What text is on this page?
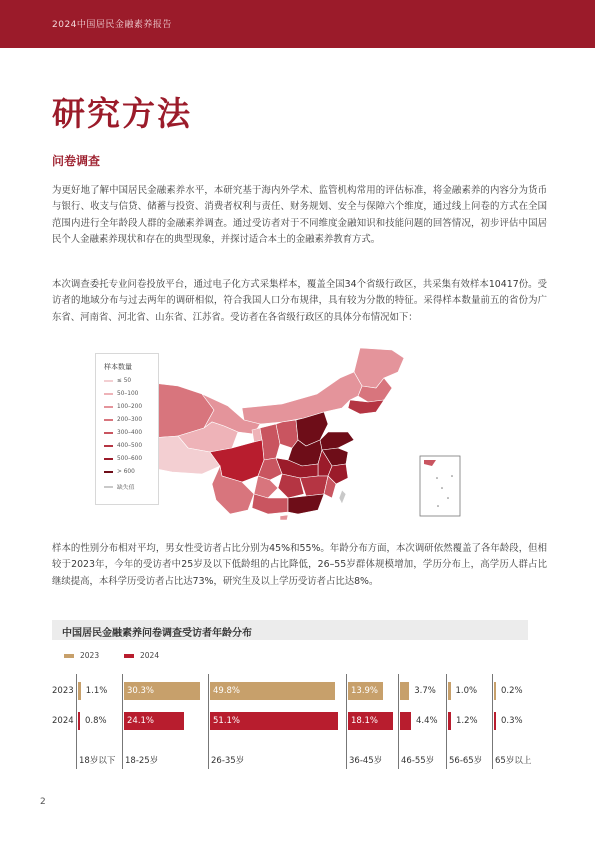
2024中国居民金融素养报告
研究方法
问卷调查

为更好地了解中国居民金融素养水平，本研究基于海内外学术、监管机构常用的评估标准，将金融素养的内容分为货币与银行、收支与信贷、储蓄与投资、消费者权利与责任、财务规划、安全与保障六个维度，通过线上问卷的方式在全国范围内进行全年龄段人群的金融素养调查。通过受访者对于不同维度金融知识和技能问题的回答情况，初步评估中国居民个人金融素养现状和存在的典型现象，并探讨适合本土的金融素养教育方式。

本次调查委托专业问卷投放平台，通过电子化方式采集样本，覆盖全国34个省级行政区，共采集有效样本10417份。受访者的地域分布与过去两年的调研相似，符合我国人口分布规律，具有较为分散的特征。采得样本数量前五的省份为广东省、河南省、河北省、山东省、江苏省。受访者在各省级行政区的具体分布情况如下：

样本数量
≤ 50
50–100
100–200
200–300
300–400
400–500
500–600
> 600
缺失值

样本的性别分布相对平均，男女性受访者占比分别为45%和55%。年龄分布方面，本次调研依然覆盖了各年龄段，但相较于2023年，今年的受访者中25岁及以下低龄组的占比降低，26–55岁群体规模增加，学历分布上，高学历人群占比继续提高，本科学历受访者占比达73%，研究生及以上学历受访者占比达8%。

中国居民金融素养问卷调查受访者年龄分布
2023	2024
2023
2024
1.1%	30.3%	49.8%	13.9%	3.7%	1.0%	0.2%
0.8%	24.1%	51.1%	18.1%	4.4%	1.2%	0.3%
18岁以下 18-25岁	26-35岁	36-45岁 46-55岁 56-65岁 65岁以上
2
